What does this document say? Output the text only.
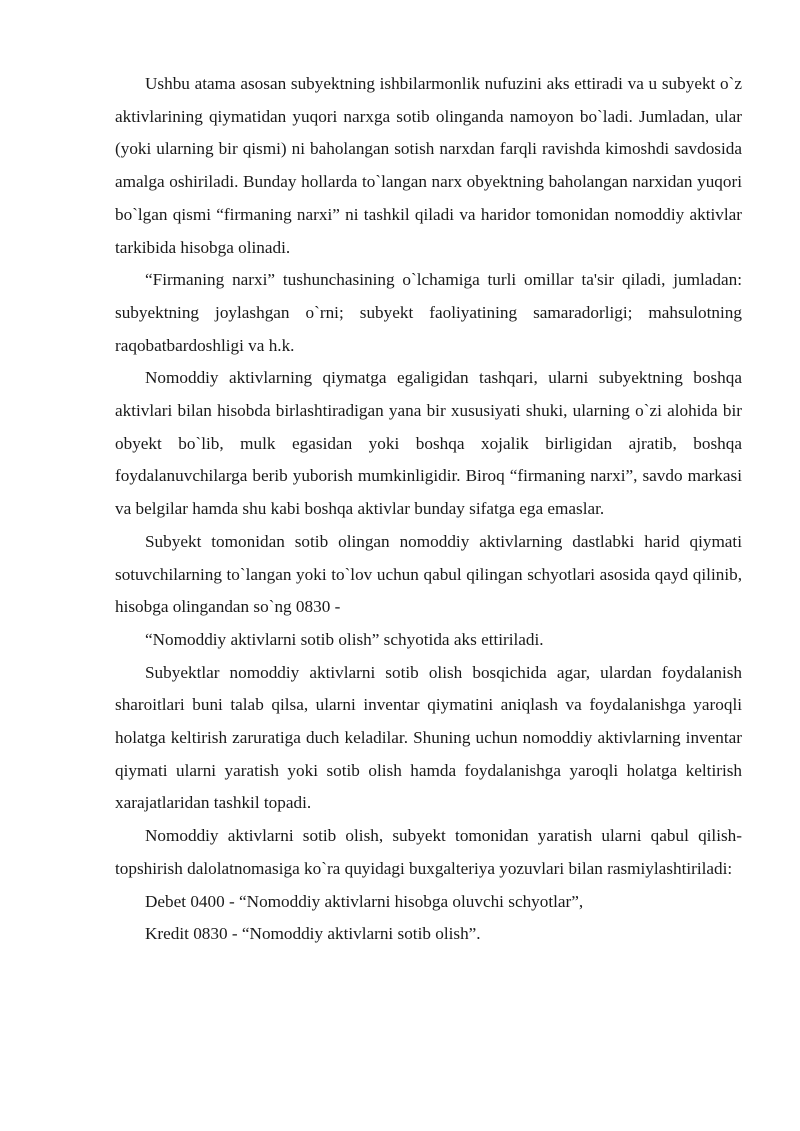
Ushbu atama asosan subyektning ishbilarmonlik nufuzini aks ettiradi va u subyekt o`z aktivlarining qiymatidan yuqori narxga sotib olinganda namoyon bo`ladi. Jumladan, ular (yoki ularning bir qismi) ni baholangan sotish narxdan farqli ravishda kimoshdi savdosida amalga oshiriladi. Bunday hollarda to`langan narx obyektning baholangan narxidan yuqori bo`lgan qismi “firmaning narxi” ni tashkil qiladi va haridor tomonidan nomoddiy aktivlar tarkibida hisobga olinadi.

“Firmaning narxi” tushunchasining o`lchamiga turli omillar ta'sir qiladi, jumladan: subyektning joylashgan o`rni; subyekt faoliyatining samaradorligi; mahsulotning raqobatbardoshligi va h.k.

Nomoddiy aktivlarning qiymatga egaligidan tashqari, ularni subyektning boshqa aktivlari bilan hisobda birlashtiradigan yana bir xususiyati shuki, ularning o`zi alohida bir obyekt bo`lib, mulk egasidan yoki boshqa xojalik birligidan ajratib, boshqa foydalanuvchilarga berib yuborish mumkinligidir. Biroq “firmaning narxi”, savdo markasi va belgilar hamda shu kabi boshqa aktivlar bunday sifatga ega emaslar.

Subyekt tomonidan sotib olingan nomoddiy aktivlarning dastlabki harid qiymati sotuvchilarning to`langan yoki to`lov uchun qabul qilingan schyotlari asosida qayd qilinib, hisobga olingandan so`ng 0830 -

“Nomoddiy aktivlarni sotib olish” schyotida aks ettiriladi.

Subyektlar nomoddiy aktivlarni sotib olish bosqichida agar, ulardan foydalanish sharoitlari buni talab qilsa, ularni inventar qiymatini aniqlash va foydalanishga yaroqli holatga keltirish zaruratiga duch keladilar. Shuning uchun nomoddiy aktivlarning inventar qiymati ularni yaratish yoki sotib olish hamda foydalanishga yaroqli holatga keltirish xarajatlaridan tashkil topadi.

Nomoddiy aktivlarni sotib olish, subyekt tomonidan yaratish ularni qabul qilish-topshirish dalolatnomasiga ko`ra quyidagi buxgalteriya yozuvlari bilan rasmiylashtiriladi:

Debet 0400 - “Nomoddiy aktivlarni hisobga oluvchi schyotlar”,

Kredit 0830 - “Nomoddiy aktivlarni sotib olish”.
